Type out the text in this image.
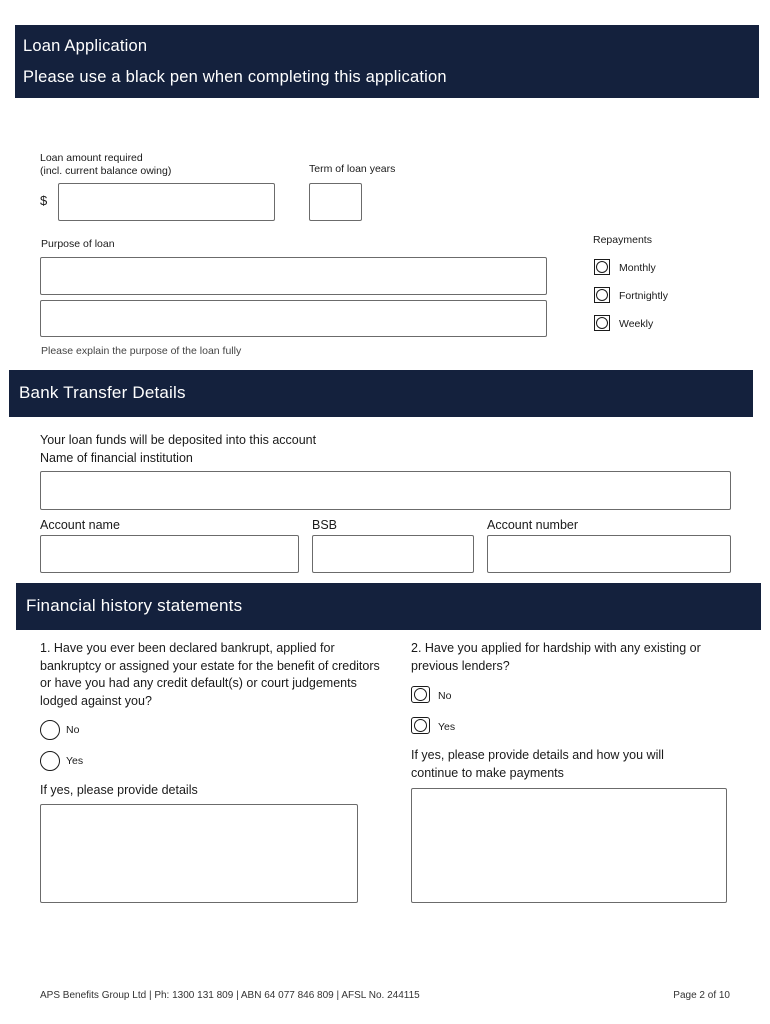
Loan Application
Please use a black pen when completing this application
Loan amount required
(incl. current balance owing)
$
Term of loan years
Purpose of loan
Please explain the purpose of the loan fully
Repayments
Monthly
Fortnightly
Weekly
Bank Transfer Details
Your loan funds will be deposited into this account
Name of financial institution
Account name	BSB	Account number
Financial history statements
1. Have you ever been declared bankrupt, applied for bankruptcy or assigned your estate for the benefit of creditors or have you had any credit default(s) or court judgements lodged against you?
No
Yes
If yes, please provide details
2. Have you applied for hardship with any existing or previous lenders?
No
Yes
If yes, please provide details and how you will continue to make payments
APS Benefits Group Ltd | Ph: 1300 131 809 | ABN 64 077 846 809 | AFSL No. 244115	Page 2 of 10
